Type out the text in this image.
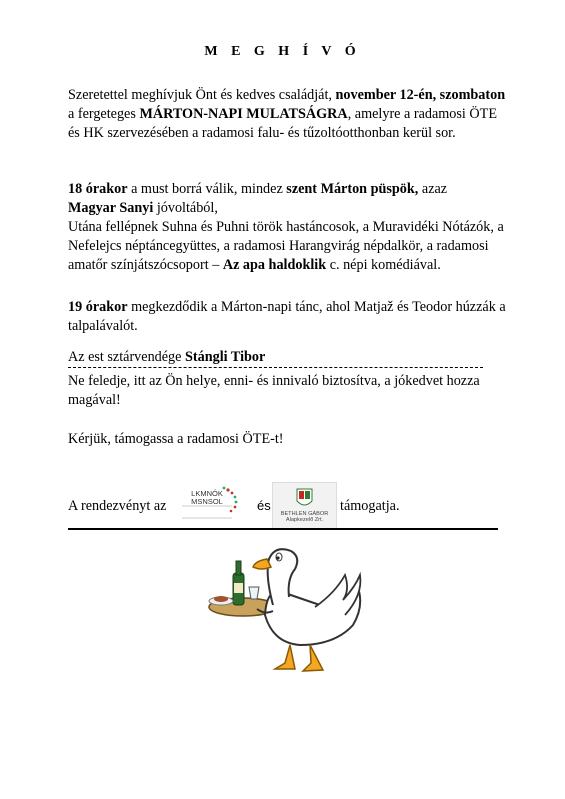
M E G H Í V Ó
Szeretettel meghívjuk Önt és kedves családját, november 12-én, szombaton a fergeteges MÁRTON-NAPI MULATSÁGRA, amelyre a radamosi ÖTE és HK szervezésében a radamosi falu- és tűzoltóotthonban kerül sor.
18 órakor a must borrá válik, mindez szent Márton püspök, azaz
Magyar Sanyi jóvoltából,
Utána fellépnek Suhna és Puhni török hastáncosok, a Muravidéki Nótázók, a Nefelejcs néptáncegyüttes, a radamosi Harangvirág népdalkör, a radamosi amatőr színjátszócsoport – Az apa haldoklik c. népi komédiával.
19 órakor megkezdődik a Márton-napi tánc, ahol Matjaž és Teodor húzzák a talpalávalót.
Az est sztárvendége Stángli Tibor
Ne feledje, itt az Ön helye, enni- és innivaló biztosítva, a jókedvet hozza magával!
Kérjük, támogassa a radamosi ÖTE-t!
A rendezvényt az
LKMNÖK MSNSOL	és
BETHLEN GÁBOR Alapkezelő Zrt.
támogatja.
